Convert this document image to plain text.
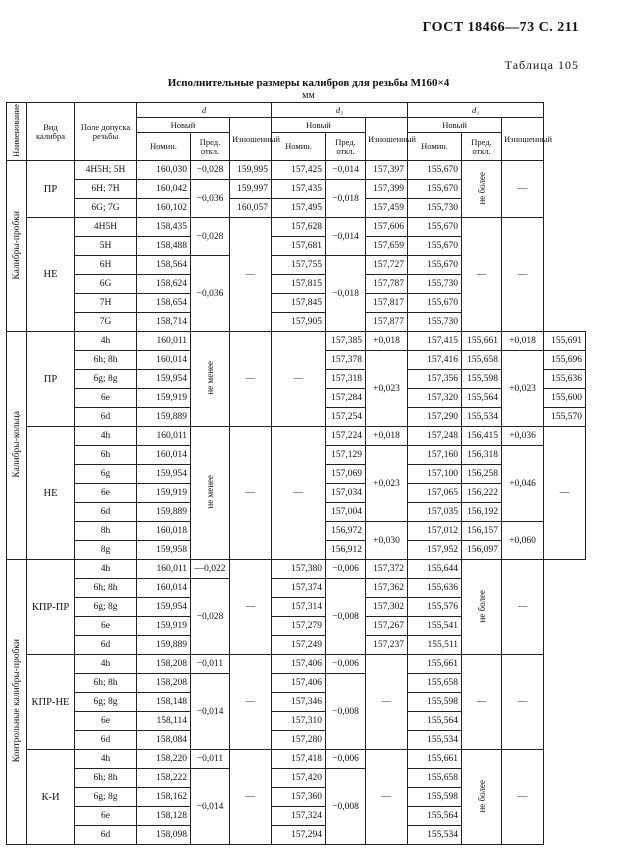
ГОСТ 18466—73 С. 211
Таблица 105
Исполнительные размеры калибров для резьбы М160×4
мм
Наименование	Вид калибра	Поле допуска резьбы	d			d₂			d₁			
			Новый		Изношенный	Новый		Изношенный	Новый		Изношенный	
			Номин.	Пред. откл.		Номин.	Пред. откл.		Номин.	Пред. откл.		
Калибры-пробки	ПР	4H5H; 5H	160,030	−0,028	159,995	157,425	−0,014	157,397	155,670	не более	—	
		6H; 7H	160,042	−0,036	159,997	157,435	−0,018	157,399	155,670			
		6G; 7G	160,102		160,057	157,495		157,459	155,730			
	НЕ	4H5H	158,435	−0,028	—	157,628	−0,014	157,606	155,670	—	—	
		5H	158,488			157,681		157,659	155,670			
		6H	158,564	−0,036		157,755	−0,018	157,727	155,670			
		6G	158,624			157,815		157,787	155,730			
		7H	158,654			157,845		157,817	155,670			
		7G	158,714			157,905		157,877	155,730			
Калибры-кольца	ПР	4h	160,011	не менее	—	—	157,385	+0,018	157,415	155,661	+0,018	155,691
		6h; 8h	160,014				157,378	+0,023	157,416	155,658	+0,023	155,696
		6g; 8g	159,954				157,318		157,356	155,598		155,636
		6e	159,919				157,284		157,320	155,564		155,600
		6d	159,889				157,254		157,290	155,534		155,570
	НЕ	4h	160,011	не менее	—	—	157,224	+0,018	157,248	156,415	+0,036	—
		6h	160,014				157,129	+0,023	157,160	156,318	+0,046	
		6g	159,954				157,069		157,100	156,258		
		6e	159,919				157,034		157,065	156,222		
		6d	159,889				157,004		157,035	156,192		
		8h	160,018				156,972	+0,030	157,012	156,157	+0,060	
		8g	159,958				156,912		157,952	156,097		
Контрольные калибры-пробки	КПР-ПР	4h	160,011	—0,022	—	157,380	−0,006	157,372	155,644	не более	—	
		6h; 8h	160,014	−0,028		157,374	−0,008	157,362	155,636			
		6g; 8g	159,954			157,314		157,302	155,576			
		6e	159,919			157,279		157,267	155,541			
		6d	159,889			157,249		157,237	155,511			
	КПР-НЕ	4h	158,208	−0,011	—	157,406	−0,006	—	155,661	—	—	
		6h; 8h	158,208	−0,014		157,406	−0,008		155,658			
		6g; 8g	158,148			157,346			155,598			
		6e	158,114			157,310			155,564			
		6d	158,084			157,280			155,534			
	К-И	4h	158,220	−0,011	—	157,418	−0,006	—	155,661	не более	—	
		6h; 8h	158,222	−0,014		157,420	−0,008		155,658			
		6g; 8g	158,162			157,360			155,598			
		6e	158,128			157,324			155,564			
		6d	158,098			157,294			155,534			
